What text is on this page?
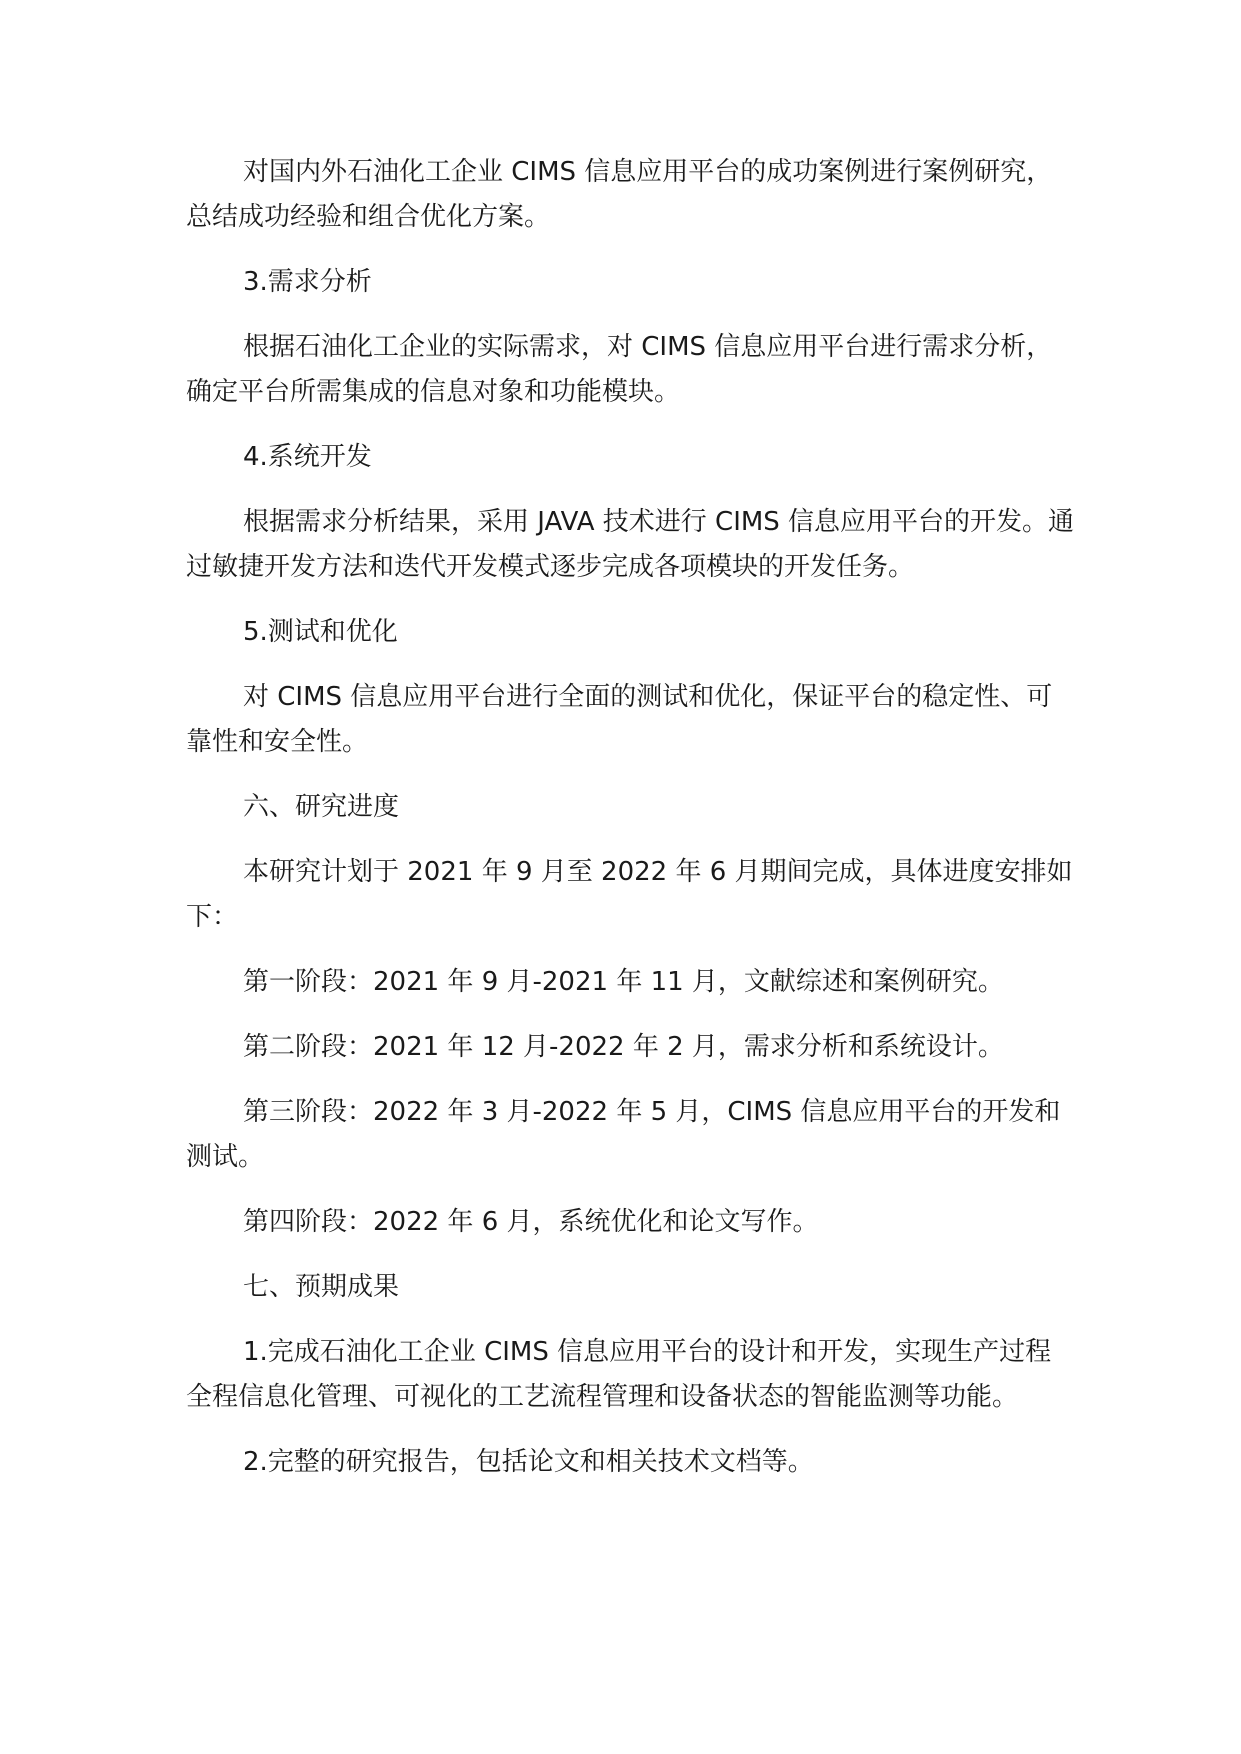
对国内外石油化工企业 CIMS 信息应用平台的成功案例进行案例研究，总结成功经验和组合优化方案。

3.需求分析

根据石油化工企业的实际需求，对 CIMS 信息应用平台进行需求分析，确定平台所需集成的信息对象和功能模块。

4.系统开发

根据需求分析结果，采用 JAVA 技术进行 CIMS 信息应用平台的开发。通过敏捷开发方法和迭代开发模式逐步完成各项模块的开发任务。

5.测试和优化

对 CIMS 信息应用平台进行全面的测试和优化，保证平台的稳定性、可靠性和安全性。

六、研究进度

本研究计划于 2021 年 9 月至 2022 年 6 月期间完成，具体进度安排如下：

第一阶段：2021 年 9 月-2021 年 11 月，文献综述和案例研究。

第二阶段：2021 年 12 月-2022 年 2 月，需求分析和系统设计。

第三阶段：2022 年 3 月-2022 年 5 月，CIMS 信息应用平台的开发和测试。

第四阶段：2022 年 6 月，系统优化和论文写作。

七、预期成果

1.完成石油化工企业 CIMS 信息应用平台的设计和开发，实现生产过程全程信息化管理、可视化的工艺流程管理和设备状态的智能监测等功能。

2.完整的研究报告，包括论文和相关技术文档等。
